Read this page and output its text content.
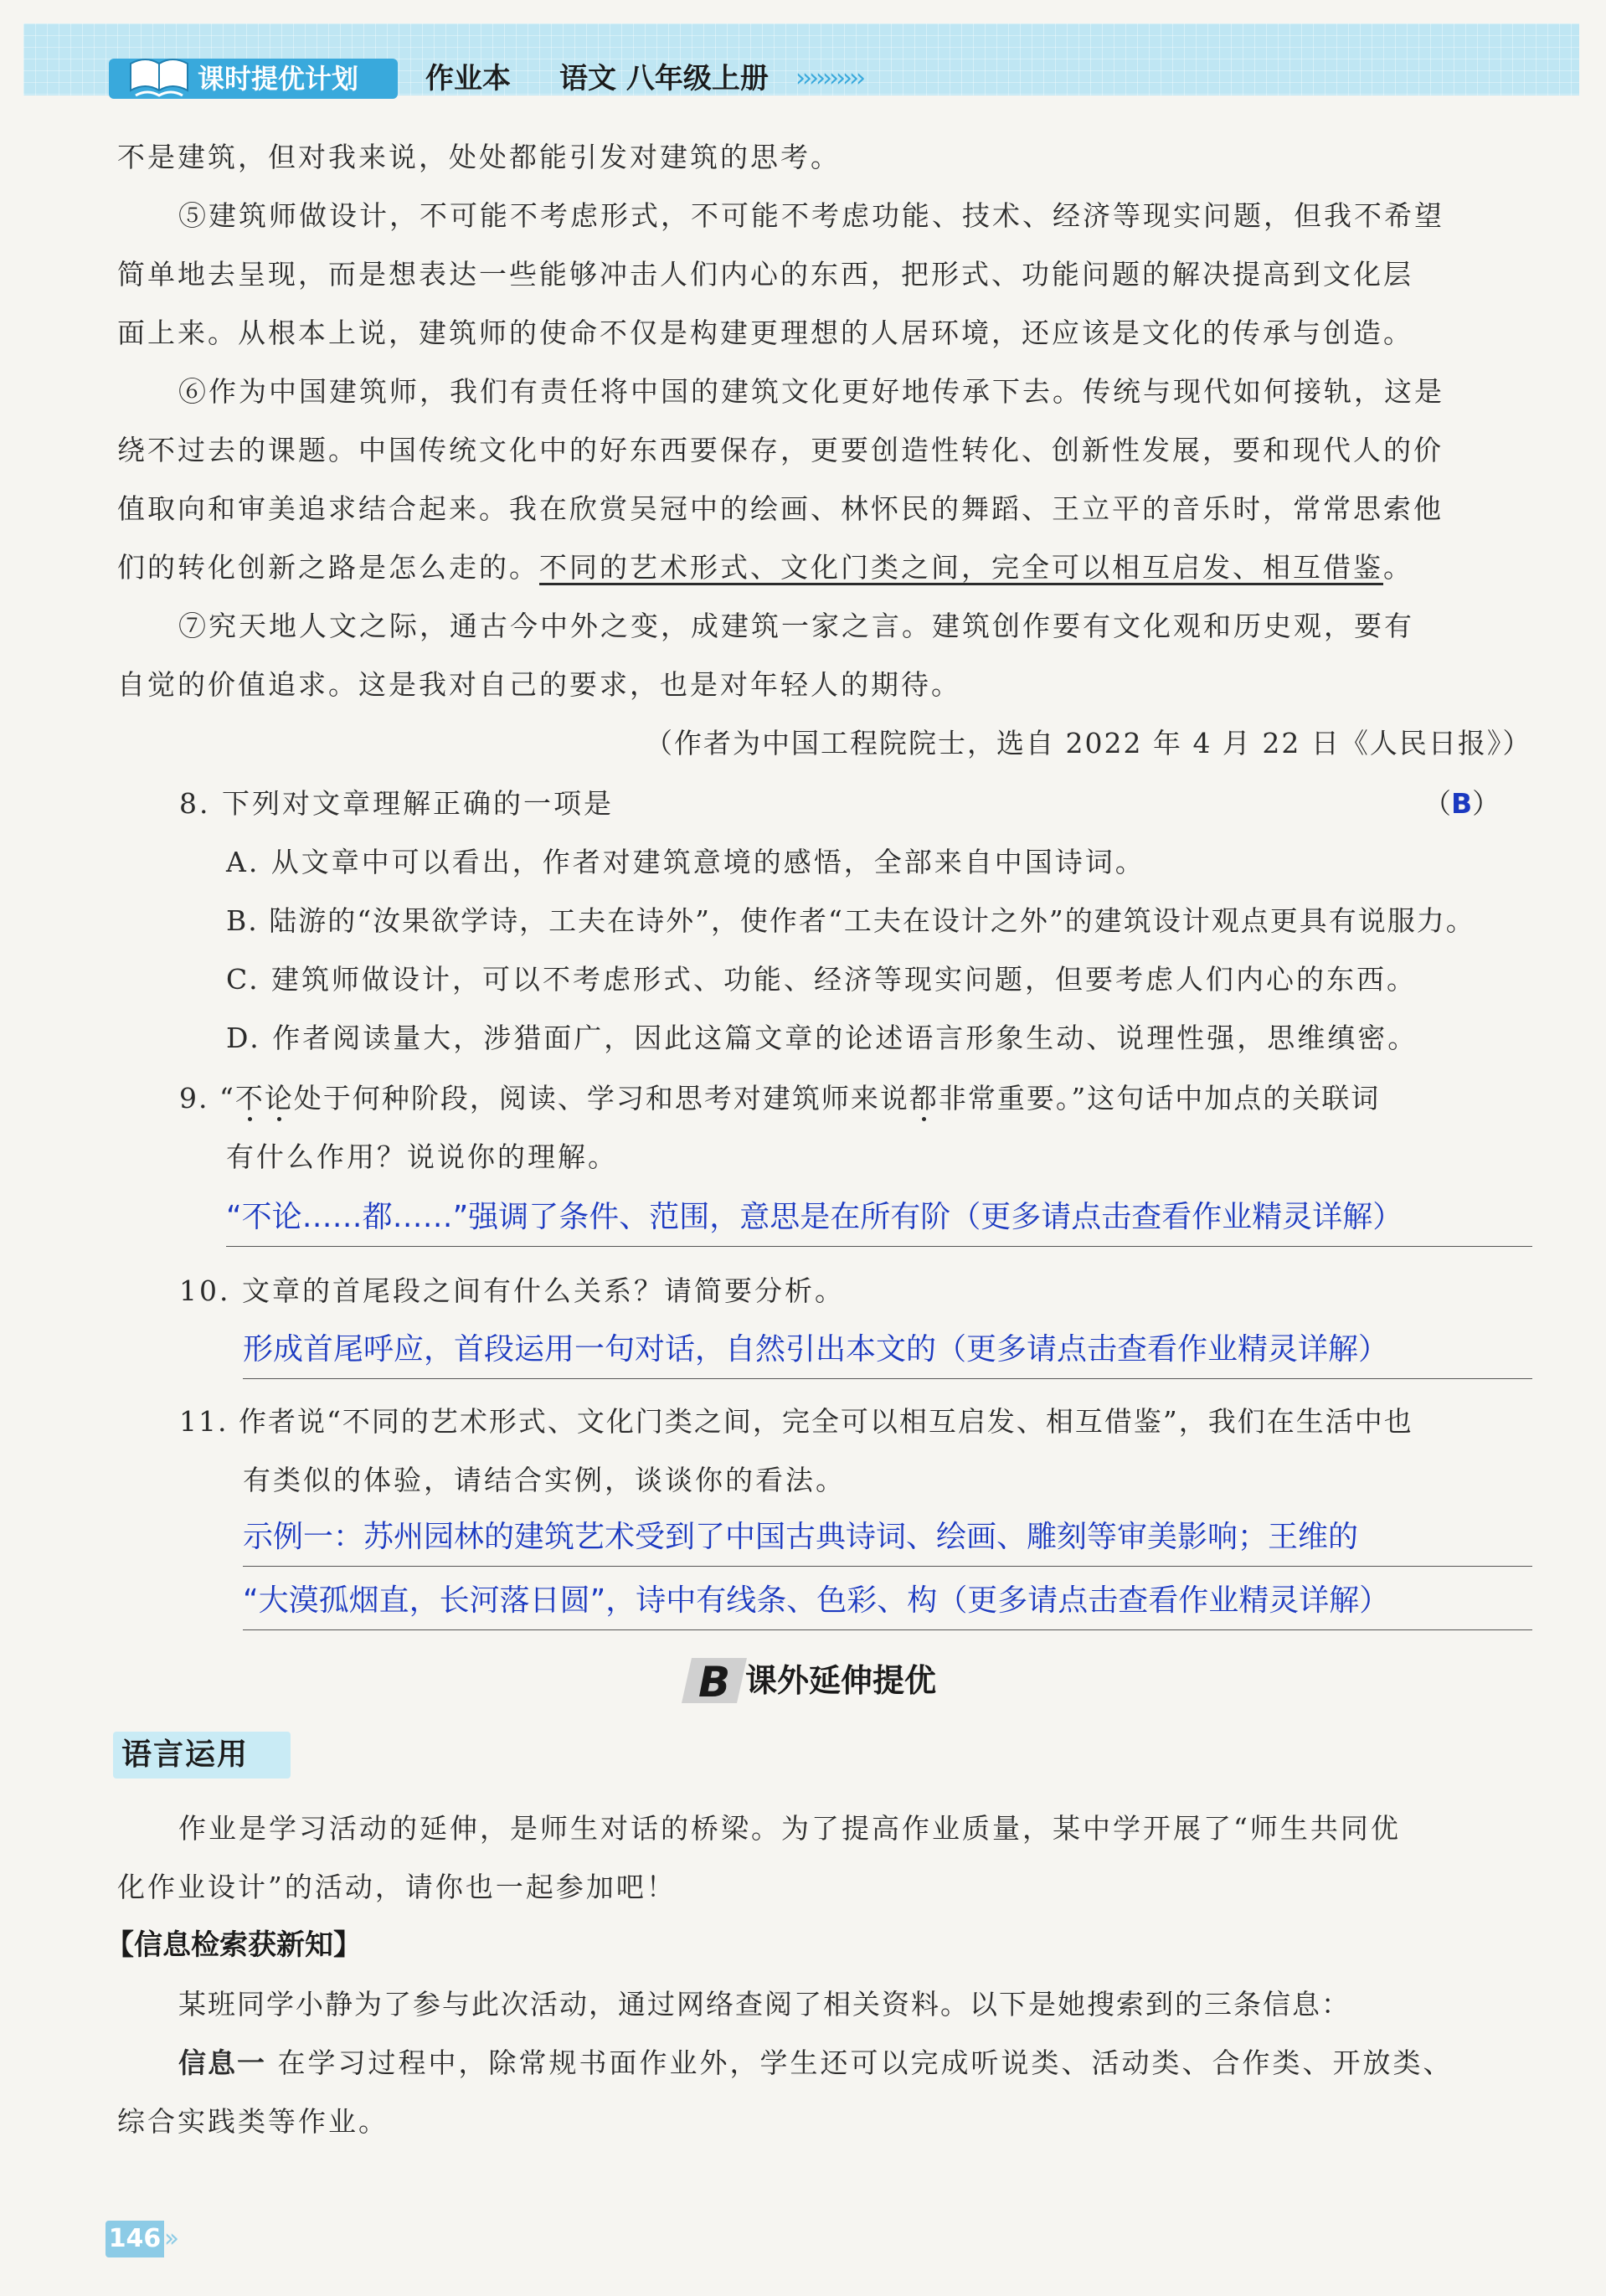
课时提优计划 作业本 语文 八年级上册 ››››››››››
不是建筑，但对我来说，处处都能引发对建筑的思考。
⑤建筑师做设计，不可能不考虑形式，不可能不考虑功能、技术、经济等现实问题，但我不希望
简单地去呈现，而是想表达一些能够冲击人们内心的东西，把形式、功能问题的解决提高到文化层
面上来。从根本上说，建筑师的使命不仅是构建更理想的人居环境，还应该是文化的传承与创造。
⑥作为中国建筑师，我们有责任将中国的建筑文化更好地传承下去。传统与现代如何接轨，这是
绕不过去的课题。中国传统文化中的好东西要保存，更要创造性转化、创新性发展，要和现代人的价
值取向和审美追求结合起来。我在欣赏吴冠中的绘画、林怀民的舞蹈、王立平的音乐时，常常思索他
们的转化创新之路是怎么走的。不同的艺术形式、文化门类之间，完全可以相互启发、相互借鉴。
⑦究天地人文之际，通古今中外之变，成建筑一家之言。建筑创作要有文化观和历史观，要有
自觉的价值追求。这是我对自己的要求，也是对年轻人的期待。
（作者为中国工程院院士，选自 2022 年 4 月 22 日《人民日报》）
8. 下列对文章理解正确的一项是	（B）
A. 从文章中可以看出，作者对建筑意境的感悟，全部来自中国诗词。
B. 陆游的“汝果欲学诗，工夫在诗外”，使作者“工夫在设计之外”的建筑设计观点更具有说服力。
C. 建筑师做设计，可以不考虑形式、功能、经济等现实问题，但要考虑人们内心的东西。
D. 作者阅读量大，涉猎面广，因此这篇文章的论述语言形象生动、说理性强，思维缜密。
9. “不论处于何种阶段，阅读、学习和思考对建筑师来说都非常重要。”这句话中加点的关联词
有什么作用？说说你的理解。
“不论……都……”强调了条件、范围，意思是在所有阶（更多请点击查看作业精灵详解）
10. 文章的首尾段之间有什么关系？请简要分析。
形成首尾呼应，首段运用一句对话，自然引出本文的（更多请点击查看作业精灵详解）
11. 作者说“不同的艺术形式、文化门类之间，完全可以相互启发、相互借鉴”，我们在生活中也
有类似的体验，请结合实例，谈谈你的看法。
示例一：苏州园林的建筑艺术受到了中国古典诗词、绘画、雕刻等审美影响；王维的
“大漠孤烟直，长河落日圆”，诗中有线条、色彩、构（更多请点击查看作业精灵详解）
B 课外延伸提优
语言运用
作业是学习活动的延伸，是师生对话的桥梁。为了提高作业质量，某中学开展了“师生共同优
化作业设计”的活动，请你也一起参加吧！
【信息检索获新知】
某班同学小静为了参与此次活动，通过网络查阅了相关资料。以下是她搜索到的三条信息：
信息一 在学习过程中，除常规书面作业外，学生还可以完成听说类、活动类、合作类、开放类、
综合实践类等作业。
146 ››
